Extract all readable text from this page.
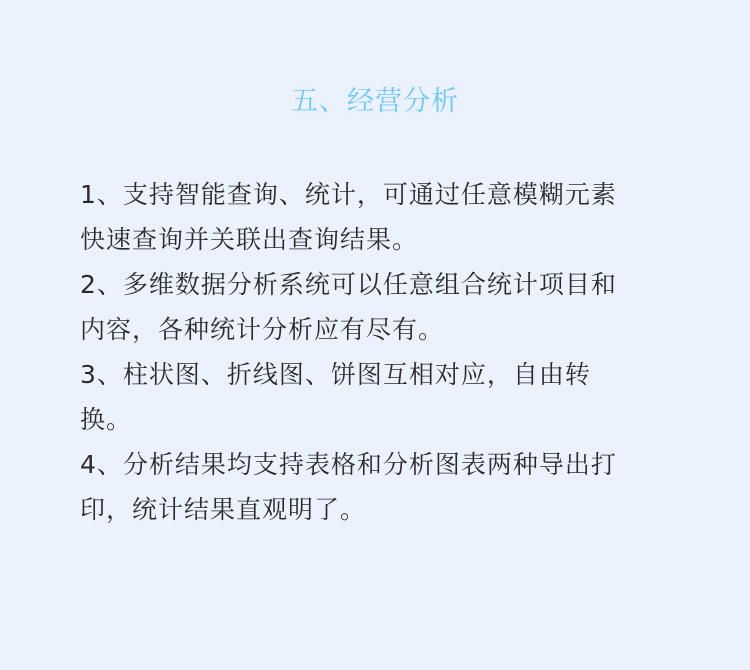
五、经营分析

1、支持智能查询、统计，可通过任意模糊元素

快速查询并关联出查询结果。

2、多维数据分析系统可以任意组合统计项目和

内容，各种统计分析应有尽有。

3、柱状图、折线图、饼图互相对应，自由转

换。

4、分析结果均支持表格和分析图表两种导出打

印，统计结果直观明了。
